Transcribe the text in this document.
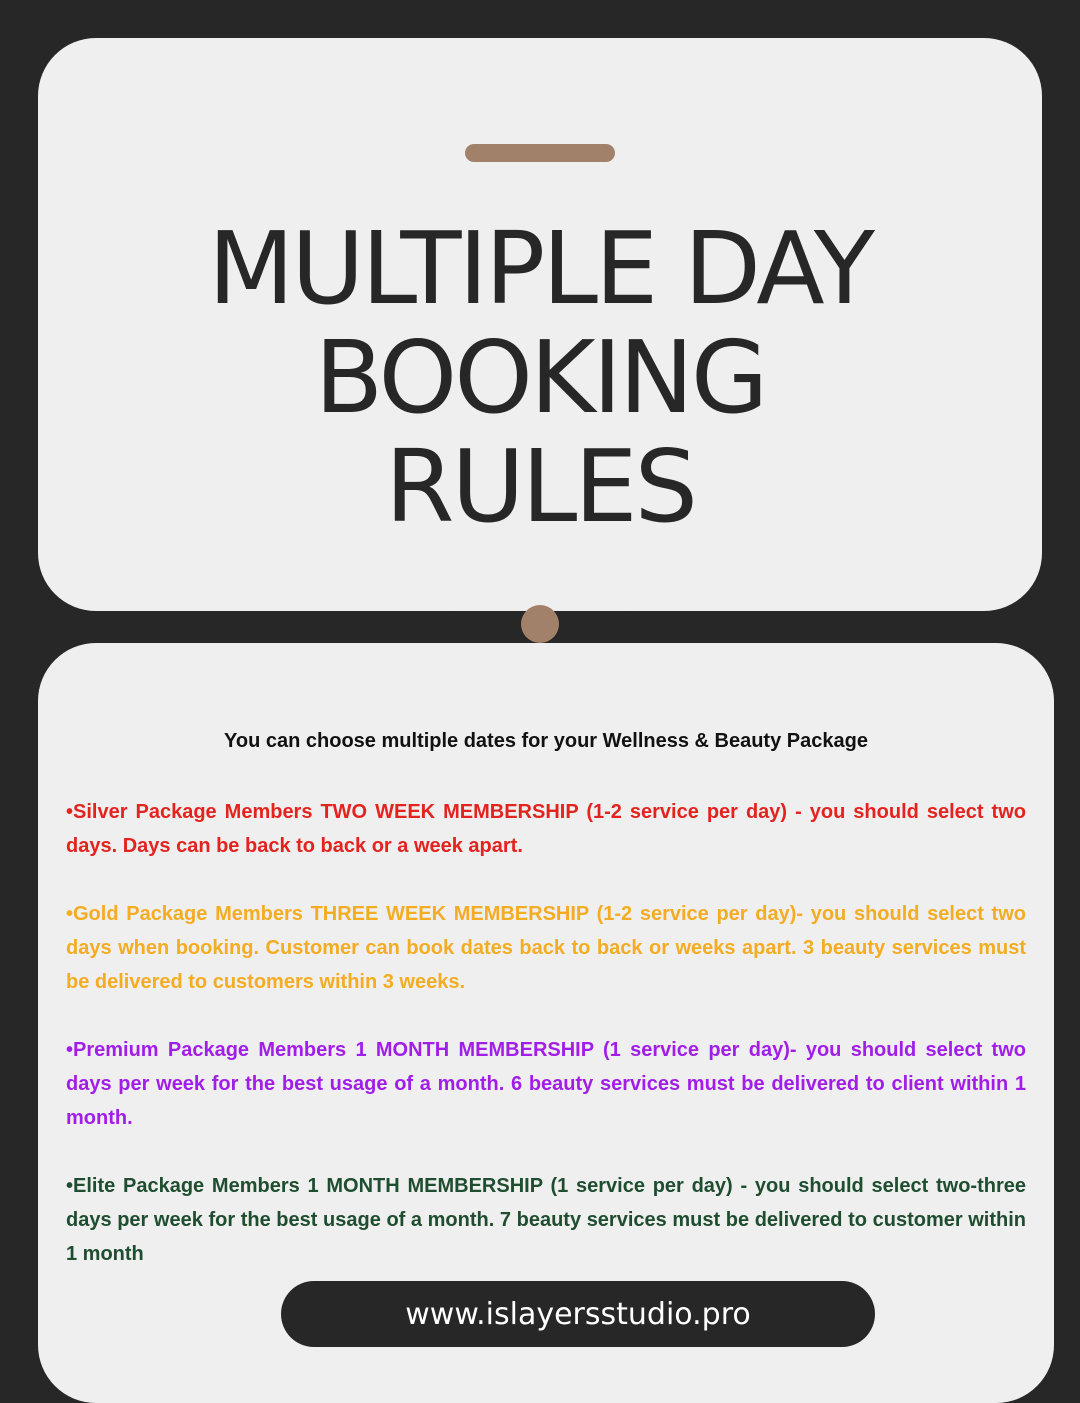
MULTIPLE DAY
BOOKING
RULES

You can choose multiple dates for your Wellness & Beauty Package

•Silver Package Members TWO WEEK MEMBERSHIP (1-2 service per day) - you should select two days. Days can be back to back or a week apart.

•Gold Package Members THREE WEEK MEMBERSHIP (1-2 service per day)- you should select two days when booking. Customer can book dates back to back or weeks apart. 3 beauty services must be delivered to customers within 3 weeks.

•Premium Package Members 1 MONTH MEMBERSHIP (1 service per day)- you should select two days per week for the best usage of a month. 6 beauty services must be delivered to client within 1 month.

•Elite Package Members 1 MONTH MEMBERSHIP (1 service per day) - you should select two-three days per week for the best usage of a month. 7 beauty services must be delivered to customer within 1 month

www.islayersstudio.pro
